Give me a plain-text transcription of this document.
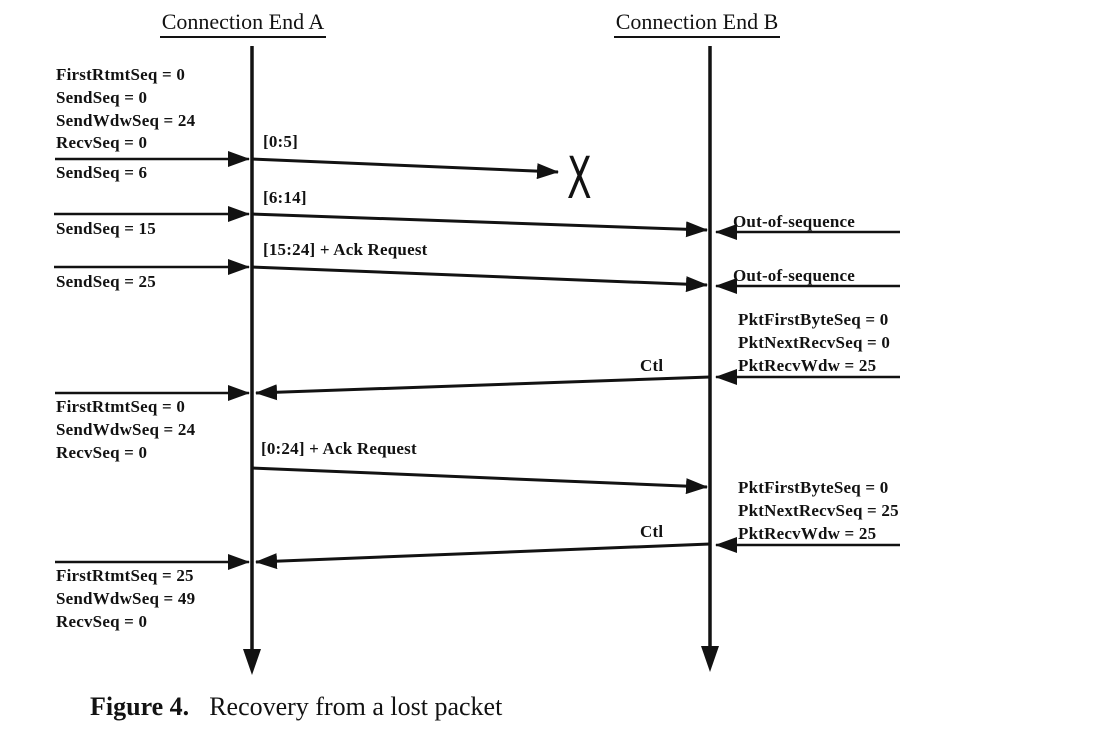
Connection End A	Connection End B
FirstRtmtSeq = 0
SendSeq = 0
SendWdwSeq = 24
RecvSeq = 0
SendSeq = 6
SendSeq = 15
SendSeq = 25
FirstRtmtSeq = 0
SendWdwSeq = 24
RecvSeq = 0
FirstRtmtSeq = 25
SendWdwSeq = 49
RecvSeq = 0
[0:5]
[6:14]
[15:24] + Ack Request
Ctl
[0:24] + Ack Request
Ctl
X
Out-of-sequence
Out-of-sequence
PktFirstByteSeq = 0
PktNextRecvSeq = 0
PktRecvWdw = 25
PktFirstByteSeq = 0
PktNextRecvSeq = 25
PktRecvWdw = 25
Figure 4. Recovery from a lost packet
